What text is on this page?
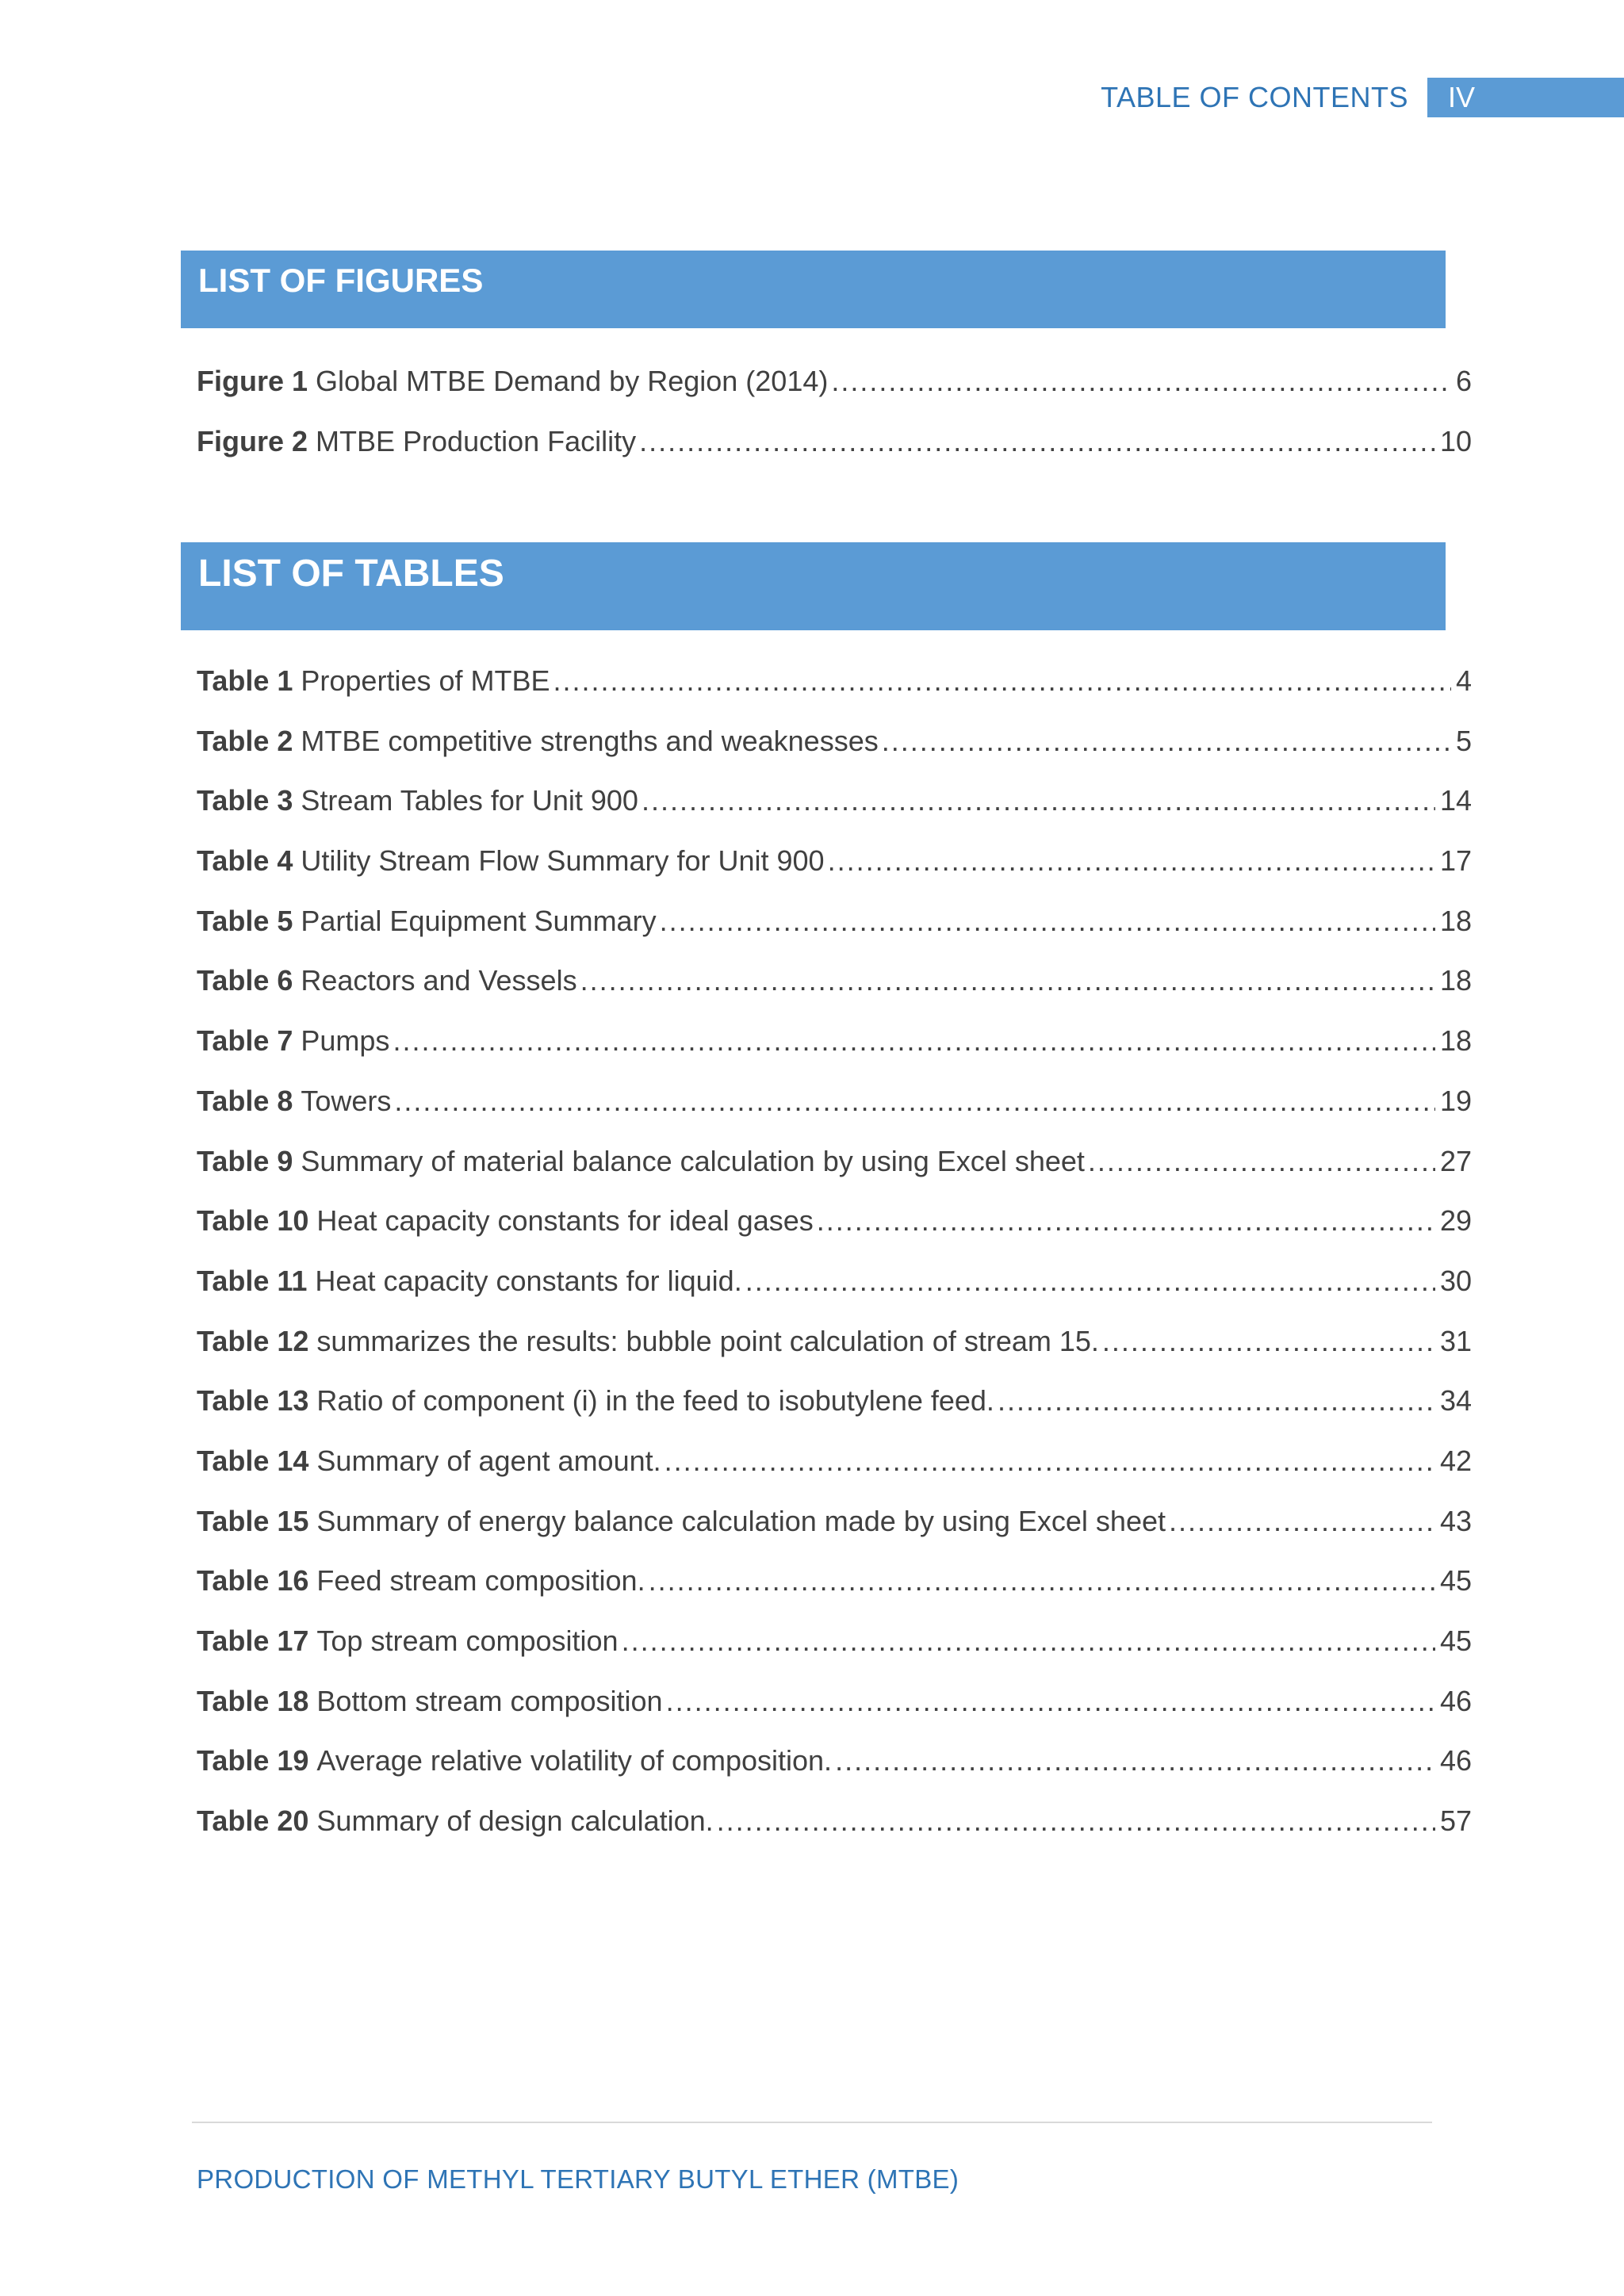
TABLE OF CONTENTS	IV
LIST OF FIGURES
Figure 1 Global MTBE Demand by Region (2014) .....	6
Figure 2 MTBE Production Facility .....	10
LIST OF TABLES
Table 1 Properties of MTBE .....	4
Table 2 MTBE competitive strengths and weaknesses .....	5
Table 3 Stream Tables for Unit 900 .....	14
Table 4 Utility Stream Flow Summary for Unit 900 .....	17
Table 5 Partial Equipment Summary .....	18
Table 6 Reactors and Vessels .....	18
Table 7 Pumps .....	18
Table 8 Towers .....	19
Table 9 Summary of material balance calculation by using Excel sheet .....	27
Table 10 Heat capacity constants for ideal gases .....	29
Table 11 Heat capacity constants for liquid. .....	30
Table 12 summarizes the results: bubble point calculation of stream 15. .....	31
Table 13 Ratio of component (i) in the feed to isobutylene feed. .....	34
Table 14 Summary of agent amount. .....	42
Table 15 Summary of energy balance calculation made by using Excel sheet .....	43
Table 16 Feed stream composition. .....	45
Table 17 Top stream composition .....	45
Table 18 Bottom stream composition .....	46
Table 19 Average relative volatility of composition. .....	46
Table 20 Summary of design calculation. .....	57
PRODUCTION OF METHYL TERTIARY BUTYL ETHER (MTBE)
